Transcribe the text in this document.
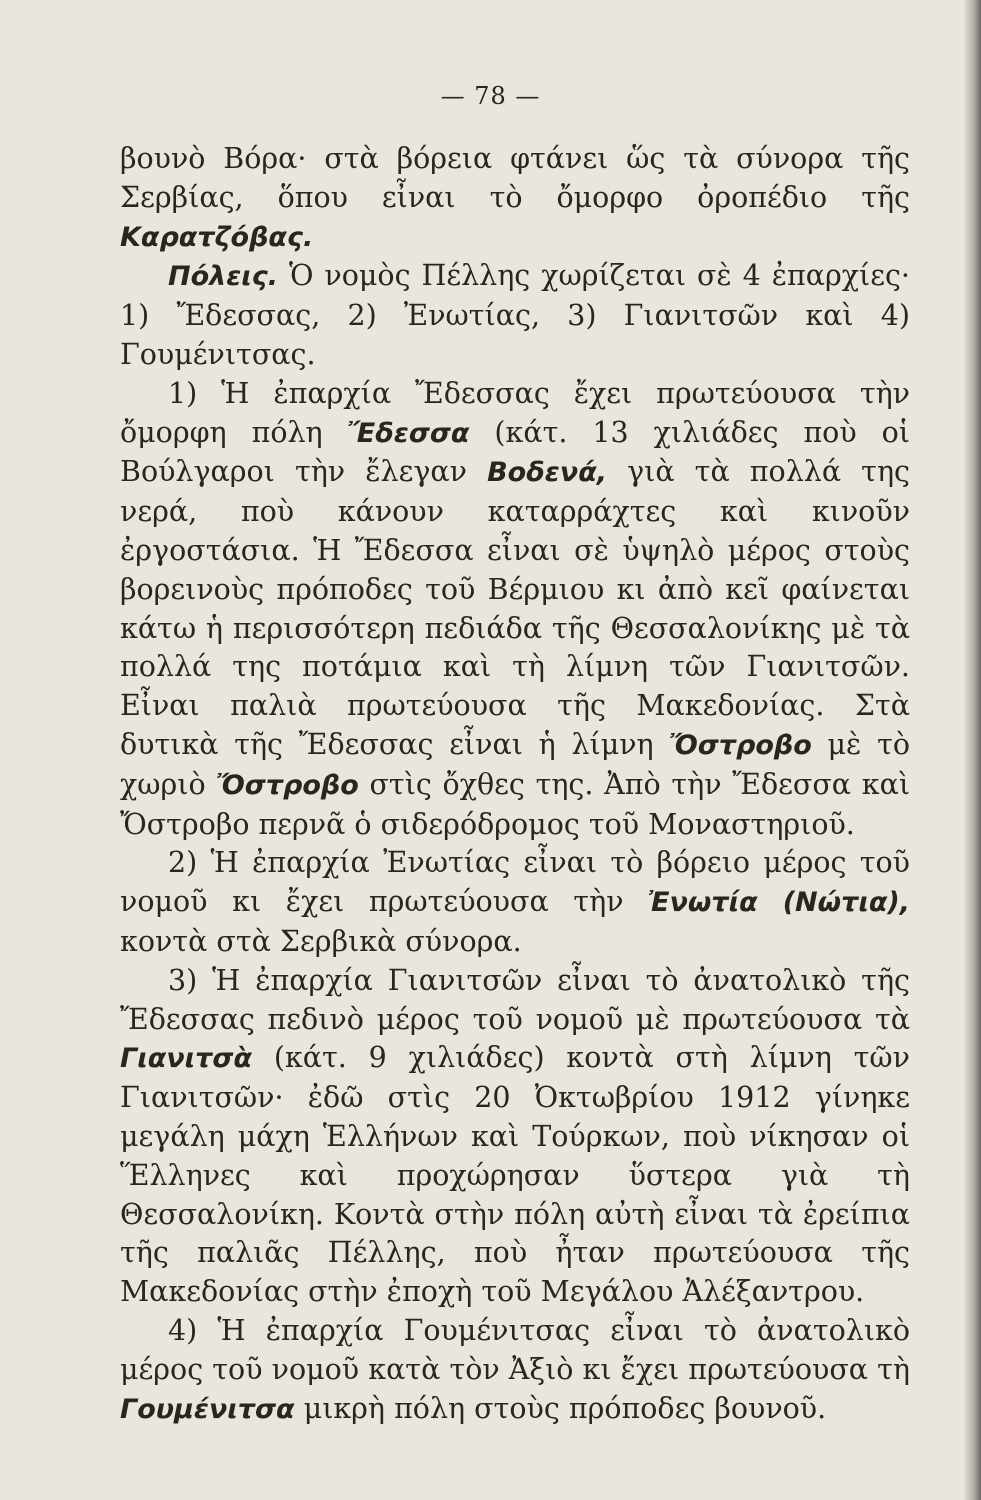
— 78 —

βουνὸ Βόρα· στὰ βόρεια φτάνει ὥς τὰ σύνορα τῆς Σερβίας, ὅπου εἶναι τὸ ὄμορφο ὀροπέδιο τῆς Καρατζόβας.

Πόλεις. Ὁ νομὸς Πέλλης χωρίζεται σὲ 4 ἐπαρχίες· 1) Ἔδεσσας, 2) Ἐνωτίας, 3) Γιανιτσῶν καὶ 4) Γουμένιτσας.

1) Ἡ ἐπαρχία Ἔδεσσας ἔχει πρωτεύουσα τὴν ὄμορφη πόλη Ἔδεσσα (κάτ. 13 χιλιάδες ποὺ οἱ Βούλγαροι τὴν ἔλεγαν Βοδενά, γιὰ τὰ πολλά της νερά, ποὺ κάνουν καταρράχτες καὶ κινοῦν ἐργοστάσια. Ἡ Ἔδεσσα εἶναι σὲ ὑψηλὸ μέρος στοὺς βορεινοὺς πρόποδες τοῦ Βέρμιου κι ἀπὸ κεῖ φαίνεται κάτω ἡ περισσότερη πεδιάδα τῆς Θεσσαλονίκης μὲ τὰ πολλά της ποτάμια καὶ τὴ λίμνη τῶν Γιανιτσῶν. Εἶναι παλιὰ πρωτεύουσα τῆς Μακεδονίας. Στὰ δυτικὰ τῆς Ἔδεσσας εἶναι ἡ λίμνη Ὄστροβο μὲ τὸ χωριὸ Ὄστροβο στὶς ὄχθες της. Ἀπὸ τὴν Ἔδεσσα καὶ Ὄστροβο περνᾶ ὁ σιδερόδρομος τοῦ Μοναστηριοῦ.

2) Ἡ ἐπαρχία Ἐνωτίας εἶναι τὸ βόρειο μέρος τοῦ νομοῦ κι ἔχει πρωτεύουσα τὴν Ἐνωτία (Νώτια), κοντὰ στὰ Σερβικὰ σύνορα.

3) Ἡ ἐπαρχία Γιανιτσῶν εἶναι τὸ ἀνατολικὸ τῆς Ἔδεσσας πεδινὸ μέρος τοῦ νομοῦ μὲ πρωτεύουσα τὰ Γιανιτσὰ (κάτ. 9 χιλιάδες) κοντὰ στὴ λίμνη τῶν Γιανιτσῶν· ἐδῶ στὶς 20 Ὀκτωβρίου 1912 γίνηκε μεγάλη μάχη Ἑλλήνων καὶ Τούρκων, ποὺ νίκησαν οἱ Ἕλληνες καὶ προχώρησαν ὕστερα γιὰ τὴ Θεσσαλονίκη. Κοντὰ στὴν πόλη αὐτὴ εἶναι τὰ ἐρείπια τῆς παλιᾶς Πέλλης, ποὺ ἦταν πρωτεύουσα τῆς Μακεδονίας στὴν ἐποχὴ τοῦ Μεγάλου Ἀλέξαντρου.

4) Ἡ ἐπαρχία Γουμένιτσας εἶναι τὸ ἀνατολικὸ μέρος τοῦ νομοῦ κατὰ τὸν Ἀξιὸ κι ἔχει πρωτεύουσα τὴ Γουμένιτσα μικρὴ πόλη στοὺς πρόποδες βουνοῦ.
